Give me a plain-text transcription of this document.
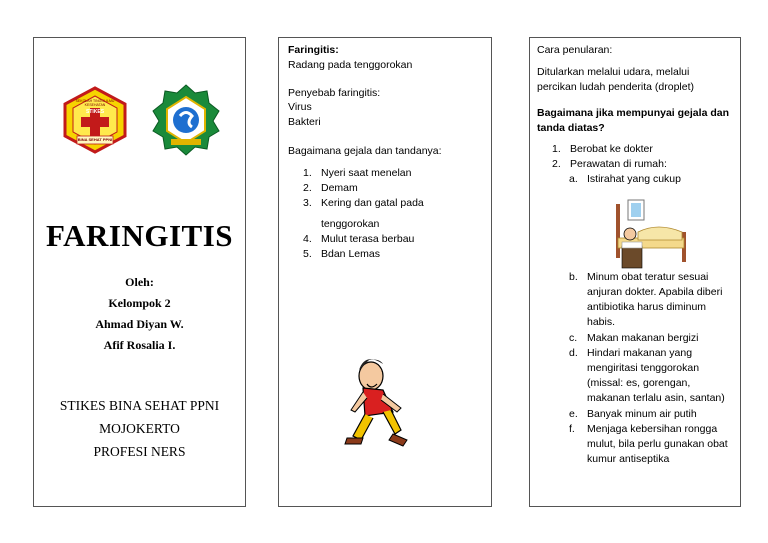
SEKOLAH TINGGI ILMU KESEHATAN
STIKES
BINA SEHAT PPNI
FARINGITIS
Oleh:
Kelompok 2
Ahmad Diyan W.
Afif Rosalia I.
STIKES BINA SEHAT PPNI
MOJOKERTO
PROFESI NERS
Faringitis:
Radang pada tenggorokan
Penyebab faringitis:
Virus
Bakteri
Bagaimana gejala dan tandanya:
1. Nyeri saat menelan
2. Demam
3. Kering dan gatal pada
tenggorokan
4. Mulut terasa berbau
5. Bdan Lemas
Cara penularan:
Ditularkan melalui udara, melalui
percikan ludah penderita (droplet)
Bagaimana jika mempunyai gejala dan
tanda diatas?
1. Berobat ke dokter
2. Perawatan di rumah:
a. Istirahat yang cukup
b. Minum obat teratur sesuai
anjuran dokter. Apabila diberi
antibiotika harus diminum
habis.
c. Makan makanan bergizi
d. Hindari makanan yang
mengiritasi tenggorokan
(missal: es, gorengan,
makanan terlalu asin, santan)
e. Banyak minum air putih
f. Menjaga kebersihan rongga
mulut, bila perlu gunakan obat
kumur antiseptika
